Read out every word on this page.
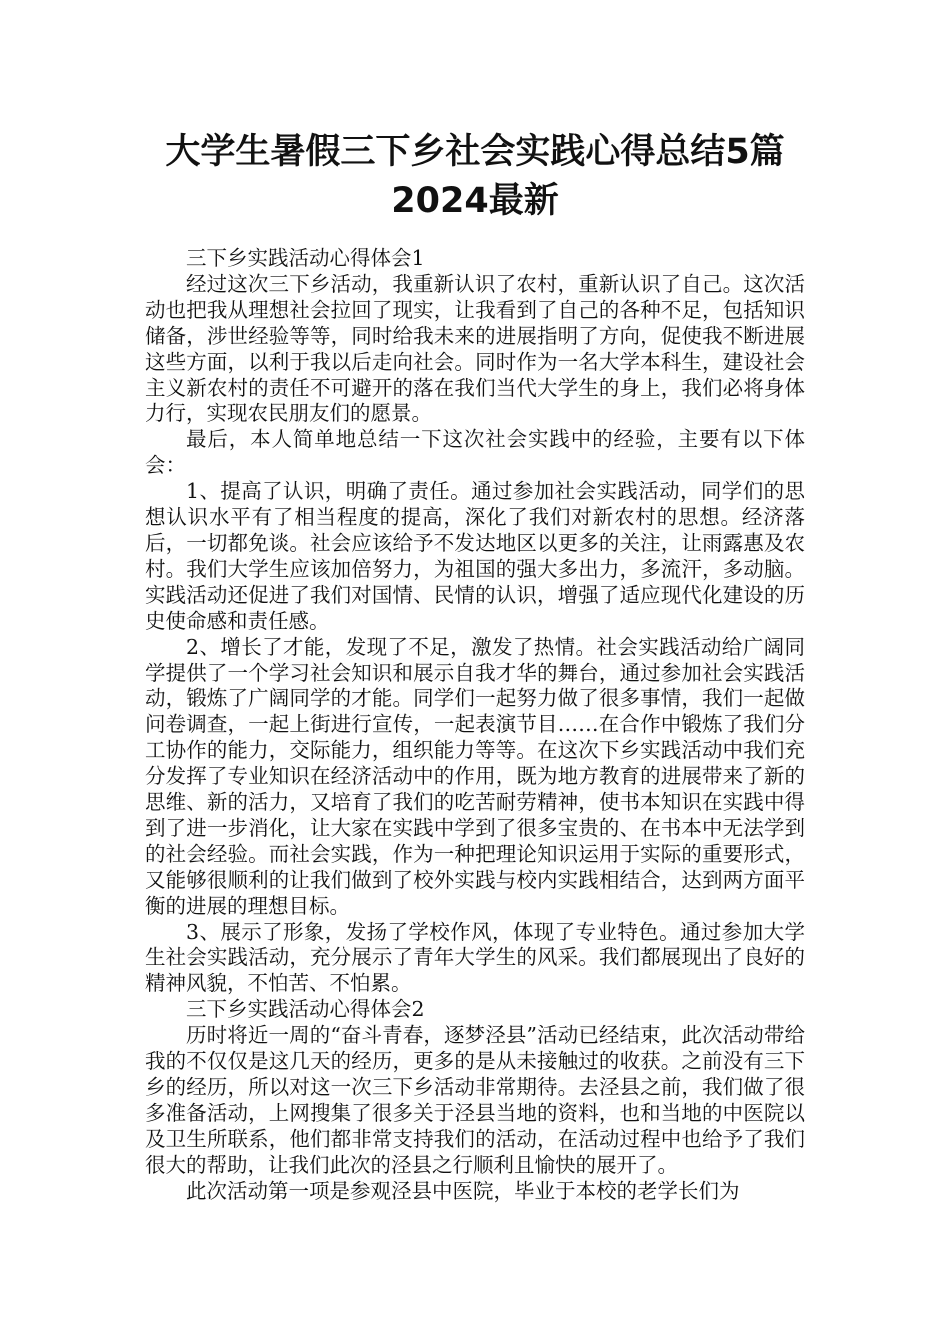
大学生暑假三下乡社会实践心得总结5篇2024最新

三下乡实践活动心得体会1

经过这次三下乡活动，我重新认识了农村，重新认识了自己。这次活动也把我从理想社会拉回了现实，让我看到了自己的各种不足，包括知识储备，涉世经验等等，同时给我未来的进展指明了方向，促使我不断进展这些方面，以利于我以后走向社会。同时作为一名大学本科生，建设社会主义新农村的责任不可避开的落在我们当代大学生的身上，我们必将身体力行，实现农民朋友们的愿景。

最后，本人简单地总结一下这次社会实践中的经验，主要有以下体会：

1、提高了认识，明确了责任。通过参加社会实践活动，同学们的思想认识水平有了相当程度的提高，深化了我们对新农村的思想。经济落后，一切都免谈。社会应该给予不发达地区以更多的关注，让雨露惠及农村。我们大学生应该加倍努力，为祖国的强大多出力，多流汗，多动脑。实践活动还促进了我们对国情、民情的认识，增强了适应现代化建设的历史使命感和责任感。

2、增长了才能，发现了不足，激发了热情。社会实践活动给广阔同学提供了一个学习社会知识和展示自我才华的舞台，通过参加社会实践活动，锻炼了广阔同学的才能。同学们一起努力做了很多事情，我们一起做问卷调查，一起上街进行宣传，一起表演节目……在合作中锻炼了我们分工协作的能力，交际能力，组织能力等等。在这次下乡实践活动中我们充分发挥了专业知识在经济活动中的作用，既为地方教育的进展带来了新的思维、新的活力，又培育了我们的吃苦耐劳精神，使书本知识在实践中得到了进一步消化，让大家在实践中学到了很多宝贵的、在书本中无法学到的社会经验。而社会实践，作为一种把理论知识运用于实际的重要形式，又能够很顺利的让我们做到了校外实践与校内实践相结合，达到两方面平衡的进展的理想目标。

3、展示了形象，发扬了学校作风，体现了专业特色。通过参加大学生社会实践活动，充分展示了青年大学生的风采。我们都展现出了良好的精神风貌，不怕苦、不怕累。

三下乡实践活动心得体会2

历时将近一周的“奋斗青春，逐梦泾县”活动已经结束，此次活动带给我的不仅仅是这几天的经历，更多的是从未接触过的收获。之前没有三下乡的经历，所以对这一次三下乡活动非常期待。去泾县之前，我们做了很多准备活动，上网搜集了很多关于泾县当地的资料，也和当地的中医院以及卫生所联系，他们都非常支持我们的活动，在活动过程中也给予了我们很大的帮助，让我们此次的泾县之行顺利且愉快的展开了。

此次活动第一项是参观泾县中医院，毕业于本校的老学长们为
